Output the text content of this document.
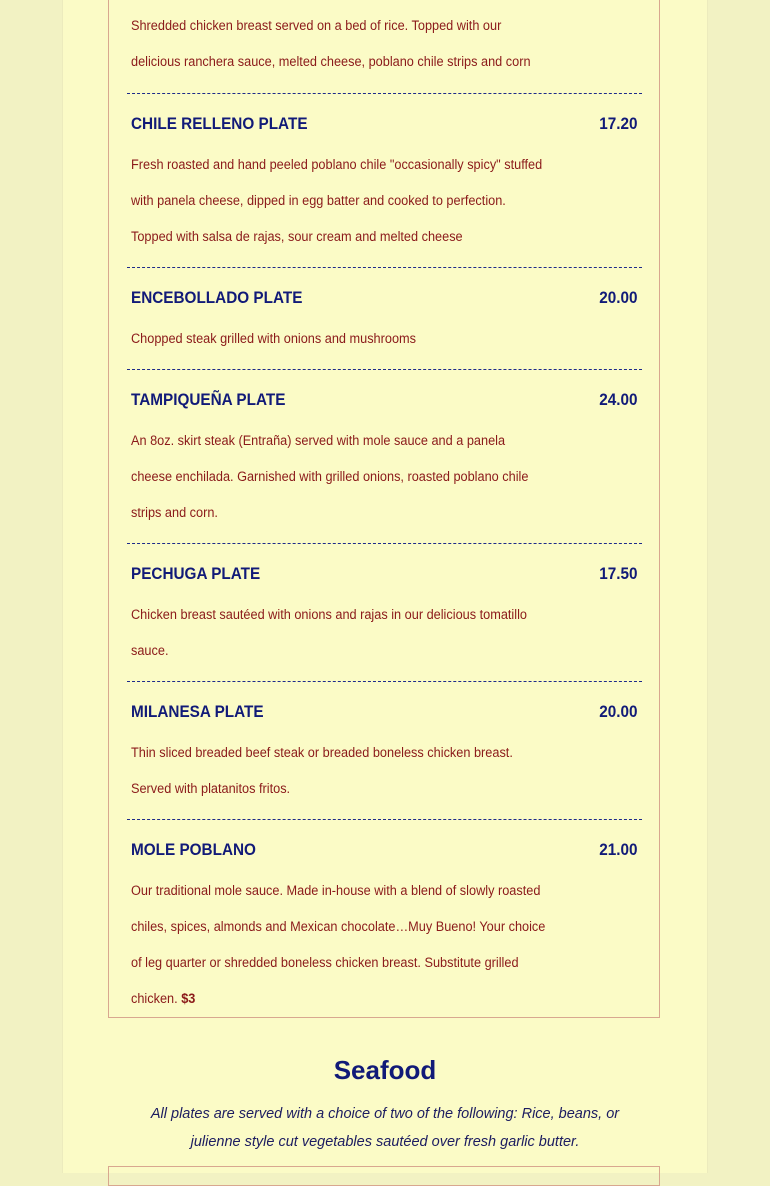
Shredded chicken breast served on a bed of rice. Topped with our
delicious ranchera sauce, melted cheese, poblano chile strips and corn
CHILE RELLENO PLATE	17.20
Fresh roasted and hand peeled poblano chile "occasionally spicy" stuffed
with panela cheese, dipped in egg batter and cooked to perfection.
Topped with salsa de rajas, sour cream and melted cheese
ENCEBOLLADO PLATE	20.00
Chopped steak grilled with onions and mushrooms
TAMPIQUEÑA PLATE	24.00
An 8oz. skirt steak (Entraña) served with mole sauce and a panela
cheese enchilada. Garnished with grilled onions, roasted poblano chile
strips and corn.
PECHUGA PLATE	17.50
Chicken breast sautéed with onions and rajas in our delicious tomatillo
sauce.
MILANESA PLATE	20.00
Thin sliced breaded beef steak or breaded boneless chicken breast.
Served with platanitos fritos.
MOLE POBLANO	21.00
Our traditional mole sauce. Made in-house with a blend of slowly roasted
chiles, spices, almonds and Mexican chocolate…Muy Bueno! Your choice
of leg quarter or shredded boneless chicken breast. Substitute grilled
chicken. $3
Seafood
All plates are served with a choice of two of the following: Rice, beans, or
julienne style cut vegetables sautéed over fresh garlic butter.
